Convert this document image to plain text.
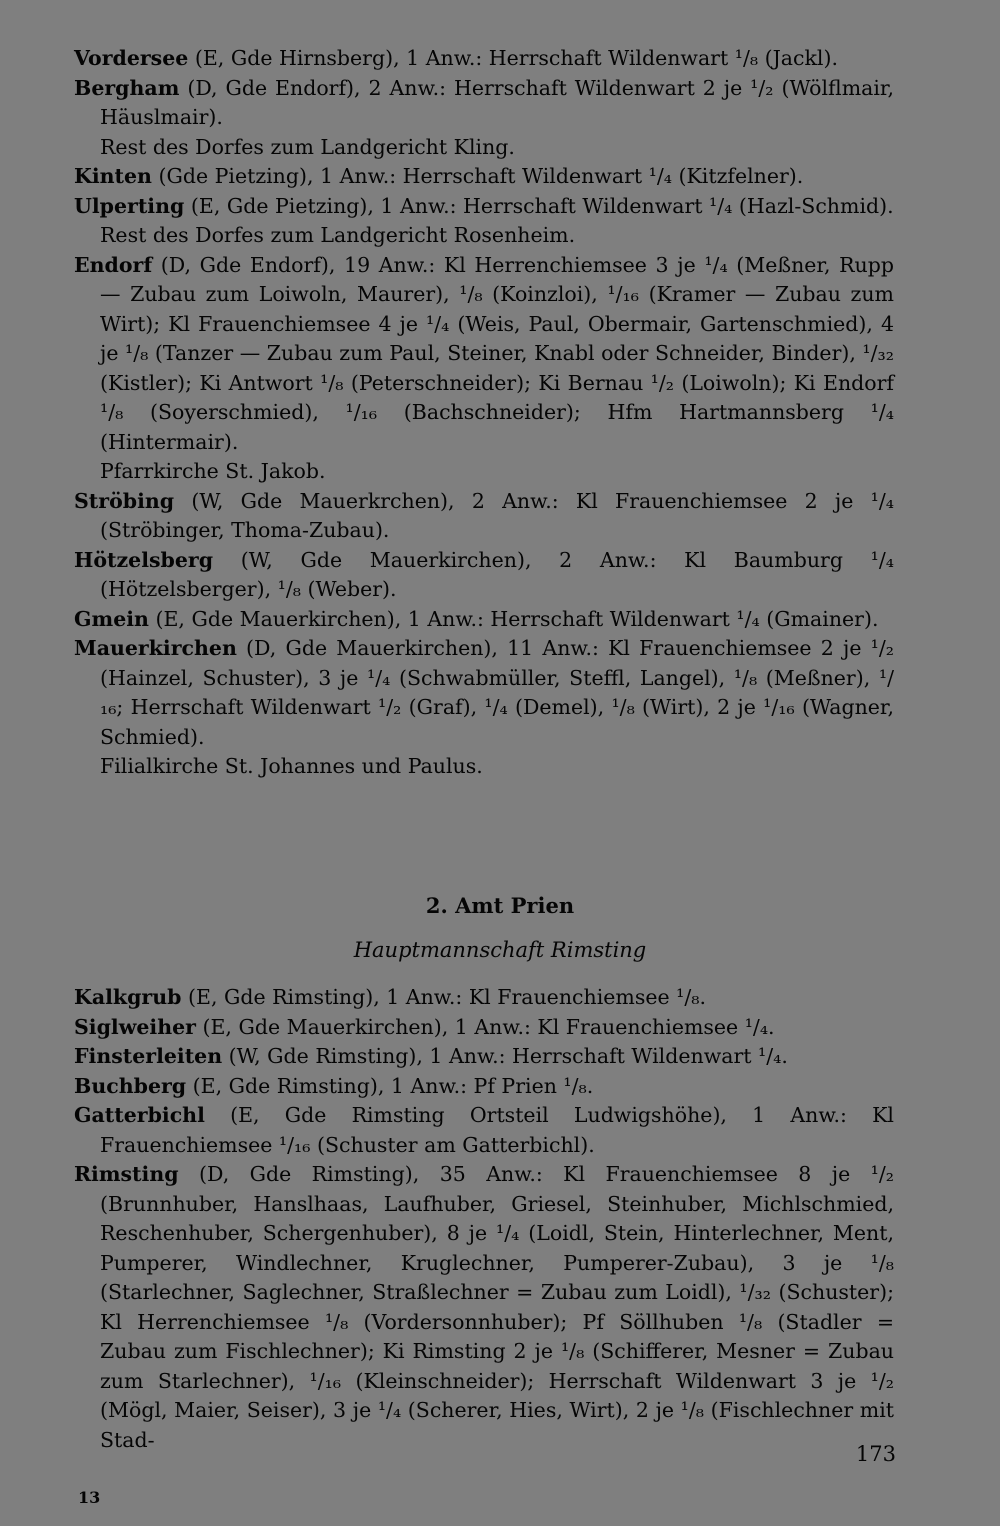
Vordersee (E, Gde Hirnsberg), 1 Anw.: Herrschaft Wildenwart ¹/₈ (Jackl).

Bergham (D, Gde Endorf), 2 Anw.: Herrschaft Wildenwart 2 je ¹/₂ (Wölflmair, Häuslmair).

Rest des Dorfes zum Landgericht Kling.

Kinten (Gde Pietzing), 1 Anw.: Herrschaft Wildenwart ¹/₄ (Kitzfelner).

Ulperting (E, Gde Pietzing), 1 Anw.: Herrschaft Wildenwart ¹/₄ (Hazl-Schmid).

Rest des Dorfes zum Landgericht Rosenheim.

Endorf (D, Gde Endorf), 19 Anw.: Kl Herrenchiemsee 3 je ¹/₄ (Meßner, Rupp — Zubau zum Loiwoln, Maurer), ¹/₈ (Koinzloi), ¹/₁₆ (Kramer — Zubau zum Wirt); Kl Frauenchiemsee 4 je ¹/₄ (Weis, Paul, Obermair, Gartenschmied), 4 je ¹/₈ (Tanzer — Zubau zum Paul, Steiner, Knabl oder Schneider, Binder), ¹/₃₂ (Kistler); Ki Antwort ¹/₈ (Peterschneider); Ki Bernau ¹/₂ (Loiwoln); Ki Endorf ¹/₈ (Soyerschmied), ¹/₁₆ (Bachschneider); Hfm Hartmannsberg ¹/₄ (Hintermair).

Pfarrkirche St. Jakob.

Ströbing (W, Gde Mauerkrchen), 2 Anw.: Kl Frauenchiemsee 2 je ¹/₄ (Ströbinger, Thoma-Zubau).

Hötzelsberg (W, Gde Mauerkirchen), 2 Anw.: Kl Baumburg ¹/₄ (Hötzelsberger), ¹/₈ (Weber).

Gmein (E, Gde Mauerkirchen), 1 Anw.: Herrschaft Wildenwart ¹/₄ (Gmainer).

Mauerkirchen (D, Gde Mauerkirchen), 11 Anw.: Kl Frauenchiemsee 2 je ¹/₂ (Hainzel, Schuster), 3 je ¹/₄ (Schwabmüller, Steffl, Langel), ¹/₈ (Meßner), ¹/₁₆; Herrschaft Wildenwart ¹/₂ (Graf), ¹/₄ (Demel), ¹/₈ (Wirt), 2 je ¹/₁₆ (Wagner, Schmied).

Filialkirche St. Johannes und Paulus.

2. Amt Prien

Hauptmannschaft Rimsting

Kalkgrub (E, Gde Rimsting), 1 Anw.: Kl Frauenchiemsee ¹/₈.

Siglweiher (E, Gde Mauerkirchen), 1 Anw.: Kl Frauenchiemsee ¹/₄.

Finsterleiten (W, Gde Rimsting), 1 Anw.: Herrschaft Wildenwart ¹/₄.

Buchberg (E, Gde Rimsting), 1 Anw.: Pf Prien ¹/₈.

Gatterbichl (E, Gde Rimsting Ortsteil Ludwigshöhe), 1 Anw.: Kl Frauenchiemsee ¹/₁₆ (Schuster am Gatterbichl).

Rimsting (D, Gde Rimsting), 35 Anw.: Kl Frauenchiemsee 8 je ¹/₂ (Brunnhuber, Hanslhaas, Laufhuber, Griesel, Steinhuber, Michlschmied, Reschenhuber, Schergenhuber), 8 je ¹/₄ (Loidl, Stein, Hinterlechner, Ment, Pumperer, Windlechner, Kruglechner, Pumperer-Zubau), 3 je ¹/₈ (Starlechner, Saglechner, Straßlechner = Zubau zum Loidl), ¹/₃₂ (Schuster); Kl Herrenchiemsee ¹/₈ (Vordersonnhuber); Pf Söllhuben ¹/₈ (Stadler = Zubau zum Fischlechner); Ki Rimsting 2 je ¹/₈ (Schifferer, Mesner = Zubau zum Starlechner), ¹/₁₆ (Kleinschneider); Herrschaft Wildenwart 3 je ¹/₂ (Mögl, Maier, Seiser), 3 je ¹/₄ (Scherer, Hies, Wirt), 2 je ¹/₈ (Fischlechner mit Stad-

173
13
